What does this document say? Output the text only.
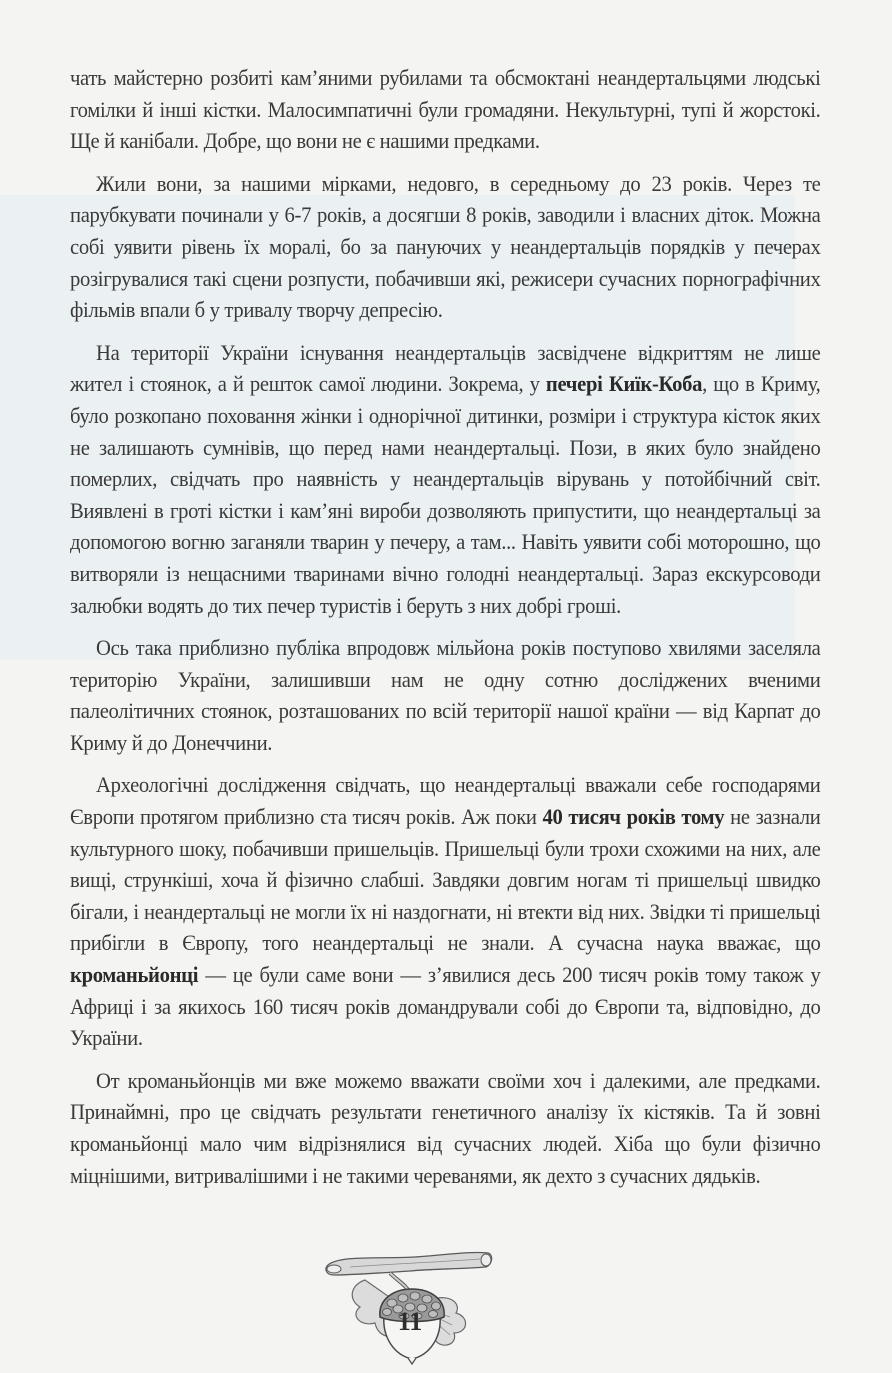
чать майстерно розбиті кам’яними рубилами та обсмоктані неандертальцями людські гомілки й інші кістки. Малосимпатичні були громадяни. Некультурні, тупі й жорстокі. Ще й канібали. Добре, що вони не є нашими предками.

Жили вони, за нашими мірками, недовго, в середньому до 23 років. Через те парубкувати починали у 6-7 років, а досягши 8 років, заводили і власних діток. Можна собі уявити рівень їх моралі, бо за пануючих у неандертальців порядків у печерах розігрувалися такі сцени розпусти, побачивши які, режисери сучасних порнографічних фільмів впали б у тривалу творчу депресію.

На території України існування неандертальців засвідчене відкриттям не лише жител і стоянок, а й решток самої людини. Зокрема, у печері Киїк-Коба, що в Криму, було розкопано поховання жінки і однорічної дитинки, розміри і структура кісток яких не залишають сумнівів, що перед нами неандертальці. Пози, в яких було знайдено померлих, свідчать про наявність у неандертальців вірувань у потойбічний світ. Виявлені в гроті кістки і кам’яні вироби дозволяють припустити, що неандертальці за допомогою вогню заганяли тварин у печеру, а там... Навіть уявити собі моторошно, що витворяли із нещасними тваринами вічно голодні неандертальці. Зараз екскурсоводи залюбки водять до тих печер туристів і беруть з них добрі гроші.

Ось така приблизно публіка впродовж мільйона років поступово хвилями заселяла територію України, залишивши нам не одну сотню досліджених вченими палеолітичних стоянок, розташованих по всій території нашої країни — від Карпат до Криму й до Донеччини.

Археологічні дослідження свідчать, що неандертальці вважали себе господарями Європи протягом приблизно ста тисяч років. Аж поки 40 тисяч років тому не зазнали культурного шоку, побачивши пришельців. Пришельці були трохи схожими на них, але вищі, стрункіші, хоча й фізично слабші. Завдяки довгим ногам ті пришельці швидко бігали, і неандертальці не могли їх ні наздогнати, ні втекти від них. Звідки ті пришельці прибігли в Європу, того неандертальці не знали. А сучасна наука вважає, що кроманьйонці — це були саме вони — з’явилися десь 200 тисяч років тому також у Африці і за якихось 160 тисяч років домандрували собі до Європи та, відповідно, до України.

От кроманьйонців ми вже можемо вважати своїми хоч і далекими, але предками. Принаймні, про це свідчать результати генетичного аналізу їх кістяків. Та й зовні кроманьйонці мало чим відрізнялися від сучасних людей. Хіба що були фізично міцнішими, витривалішими і не такими череванями, як дехто з сучасних дядьків.

11
